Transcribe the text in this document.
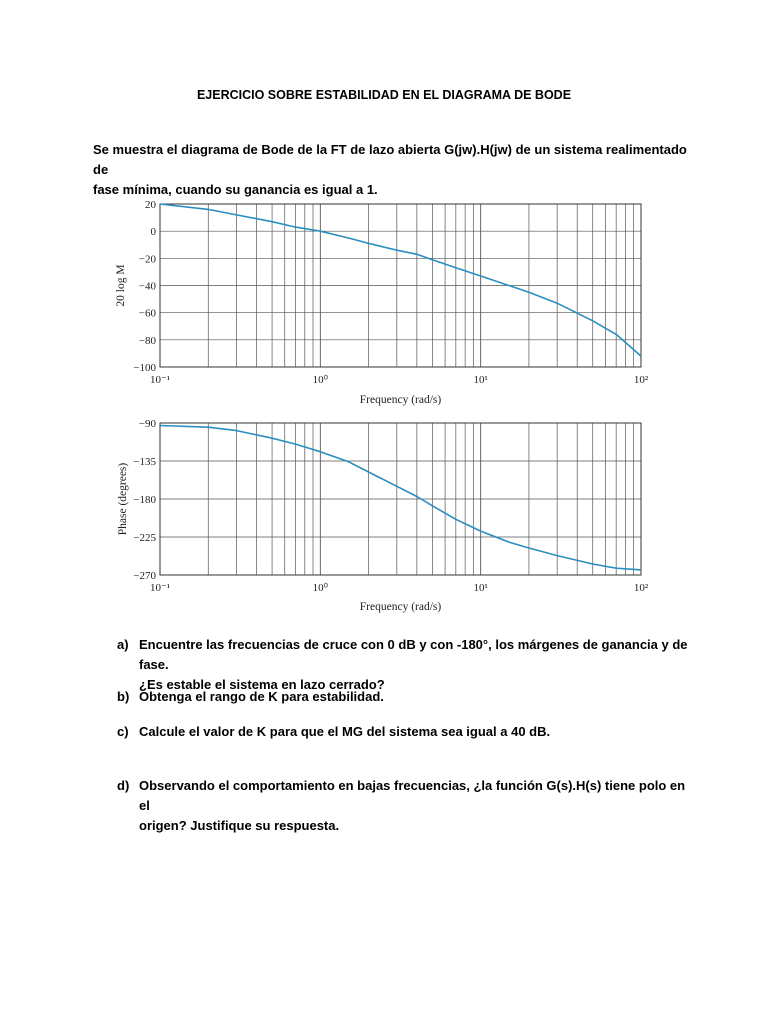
EJERCICIO SOBRE ESTABILIDAD EN EL DIAGRAMA DE BODE
Se muestra el diagrama de Bode de la FT de lazo abierta G(jw).H(jw) de un sistema realimentado de
fase mínima, cuando su ganancia es igual a 1.
20
0
−20
−40
−60
−80
−100
10⁻¹	10⁰	10¹	10²
Frequency (rad/s)
20 log M
−90
−135
−180
−225
−270
10⁻¹	10⁰	10¹	10²
Frequency (rad/s)
Phase (degrees)
a) Encuentre las frecuencias de cruce con 0 dB y con -180°, los márgenes de ganancia y de fase.
¿Es estable el sistema en lazo cerrado?
b) Obtenga el rango de K para estabilidad.
c) Calcule el valor de K para que el MG del sistema sea igual a 40 dB.
d) Observando el comportamiento en bajas frecuencias, ¿la función G(s).H(s) tiene polo en el
origen? Justifique su respuesta.
